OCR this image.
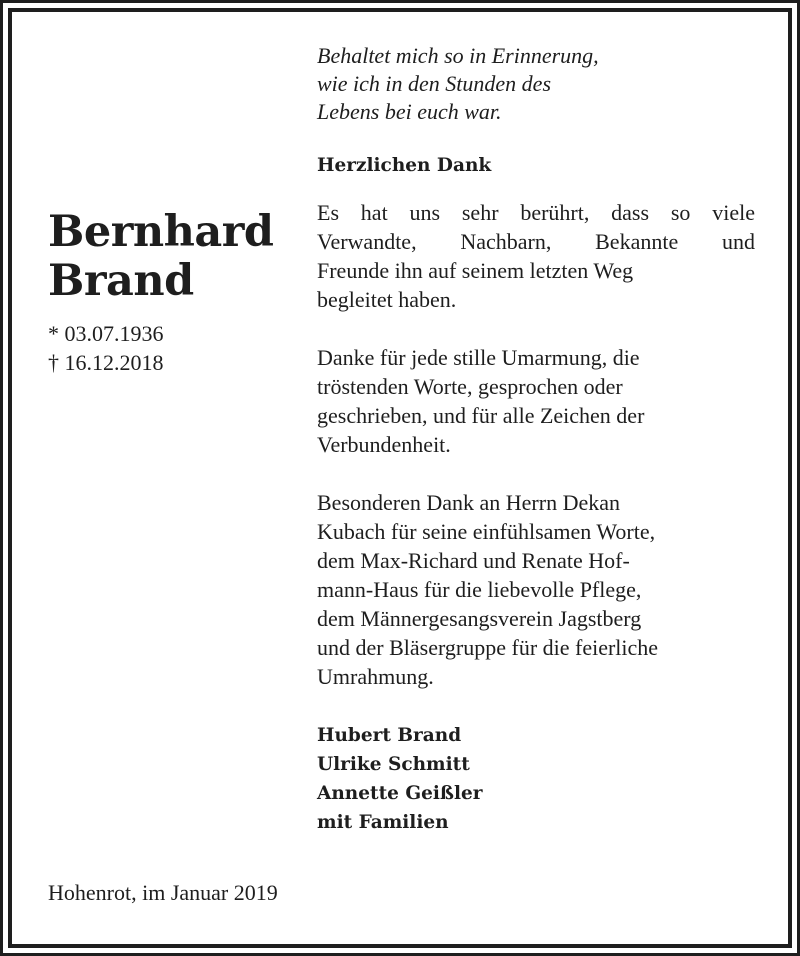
Bernhard
Brand
* 03.07.1936
† 16.12.2018

Behaltet mich so in Erinnerung,
wie ich in den Stunden des
Lebens bei euch war.

Herzlichen Dank

Es hat uns sehr berührt, dass so viele
Verwandte, Nachbarn, Bekannte und
Freunde ihn auf seinem letzten Weg
begleitet haben.

Danke für jede stille Umarmung, die
tröstenden Worte, gesprochen oder
geschrieben, und für alle Zeichen der
Verbundenheit.

Besonderen Dank an Herrn Dekan
Kubach für seine einfühlsamen Worte,
dem Max-Richard und Renate Hof-
mann-Haus für die liebevolle Pflege,
dem Männergesangsverein Jagstberg
und der Bläsergruppe für die feierliche
Umrahmung.

Hubert Brand

Ulrike Schmitt

Annette Geißler

mit Familien

Hohenrot, im Januar 2019
